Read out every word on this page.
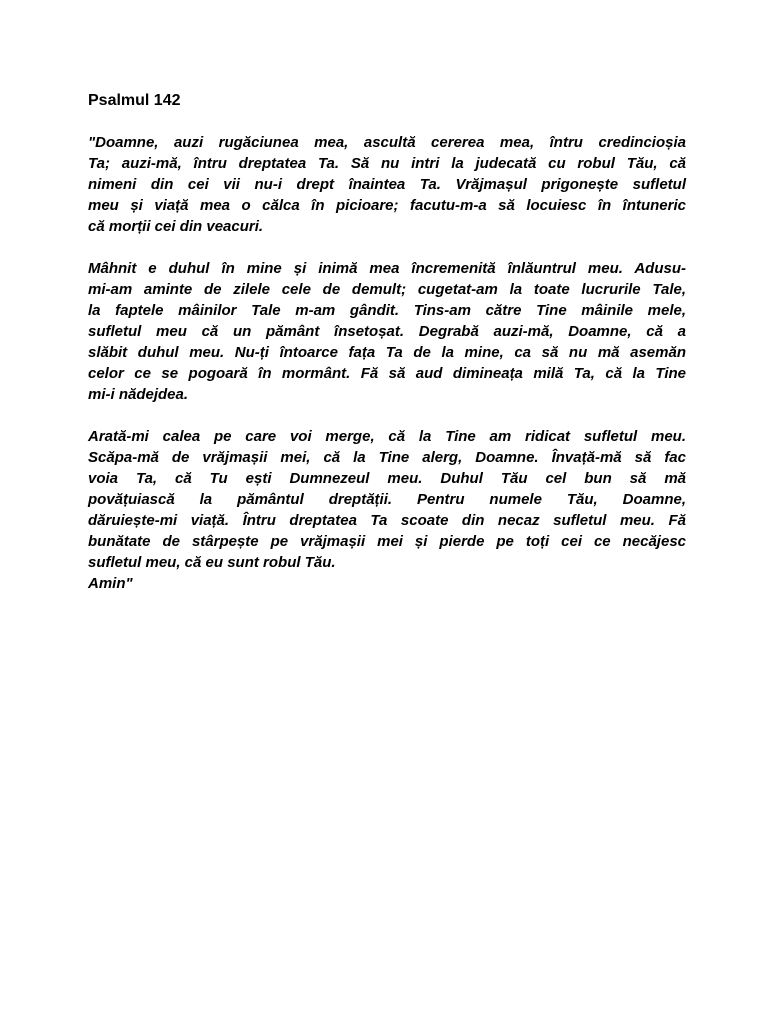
Psalmul 142
"Doamne, auzi rugăciunea mea, ascultă cererea mea, întru credincioșia
Ta; auzi-mă, întru dreptatea Ta. Să nu intri la judecată cu robul Tău, că
nimeni din cei vii nu-i drept înaintea Ta. Vrăjmașul prigonește sufletul
meu și viață mea o călca în picioare; facutu-m-a să locuiesc în întuneric
că morții cei din veacuri.
Mâhnit e duhul în mine și inimă mea încremenită înlăuntrul meu. Adusu-
mi-am aminte de zilele cele de demult; cugetat-am la toate lucrurile Tale,
la faptele mâinilor Tale m-am gândit. Tins-am către Tine mâinile mele,
sufletul meu că un pământ însetoșat. Degrabă auzi-mă, Doamne, că a
slăbit duhul meu. Nu-ți întoarce fața Ta de la mine, ca să nu mă asemăn
celor ce se pogoară în mormânt. Fă să aud dimineața milă Ta, că la Tine
mi-i nădejdea.
Arată-mi calea pe care voi merge, că la Tine am ridicat sufletul meu.
Scăpa-mă de vrăjmașii mei, că la Tine alerg, Doamne. Învață-mă să fac
voia Ta, că Tu ești Dumnezeul meu. Duhul Tău cel bun să mă
povățuiască la pământul dreptății. Pentru numele Tău, Doamne,
dăruiește-mi viață. Întru dreptatea Ta scoate din necaz sufletul meu. Fă
bunătate de stârpește pe vrăjmașii mei și pierde pe toți cei ce necăjesc
sufletul meu, că eu sunt robul Tău.
Amin"
